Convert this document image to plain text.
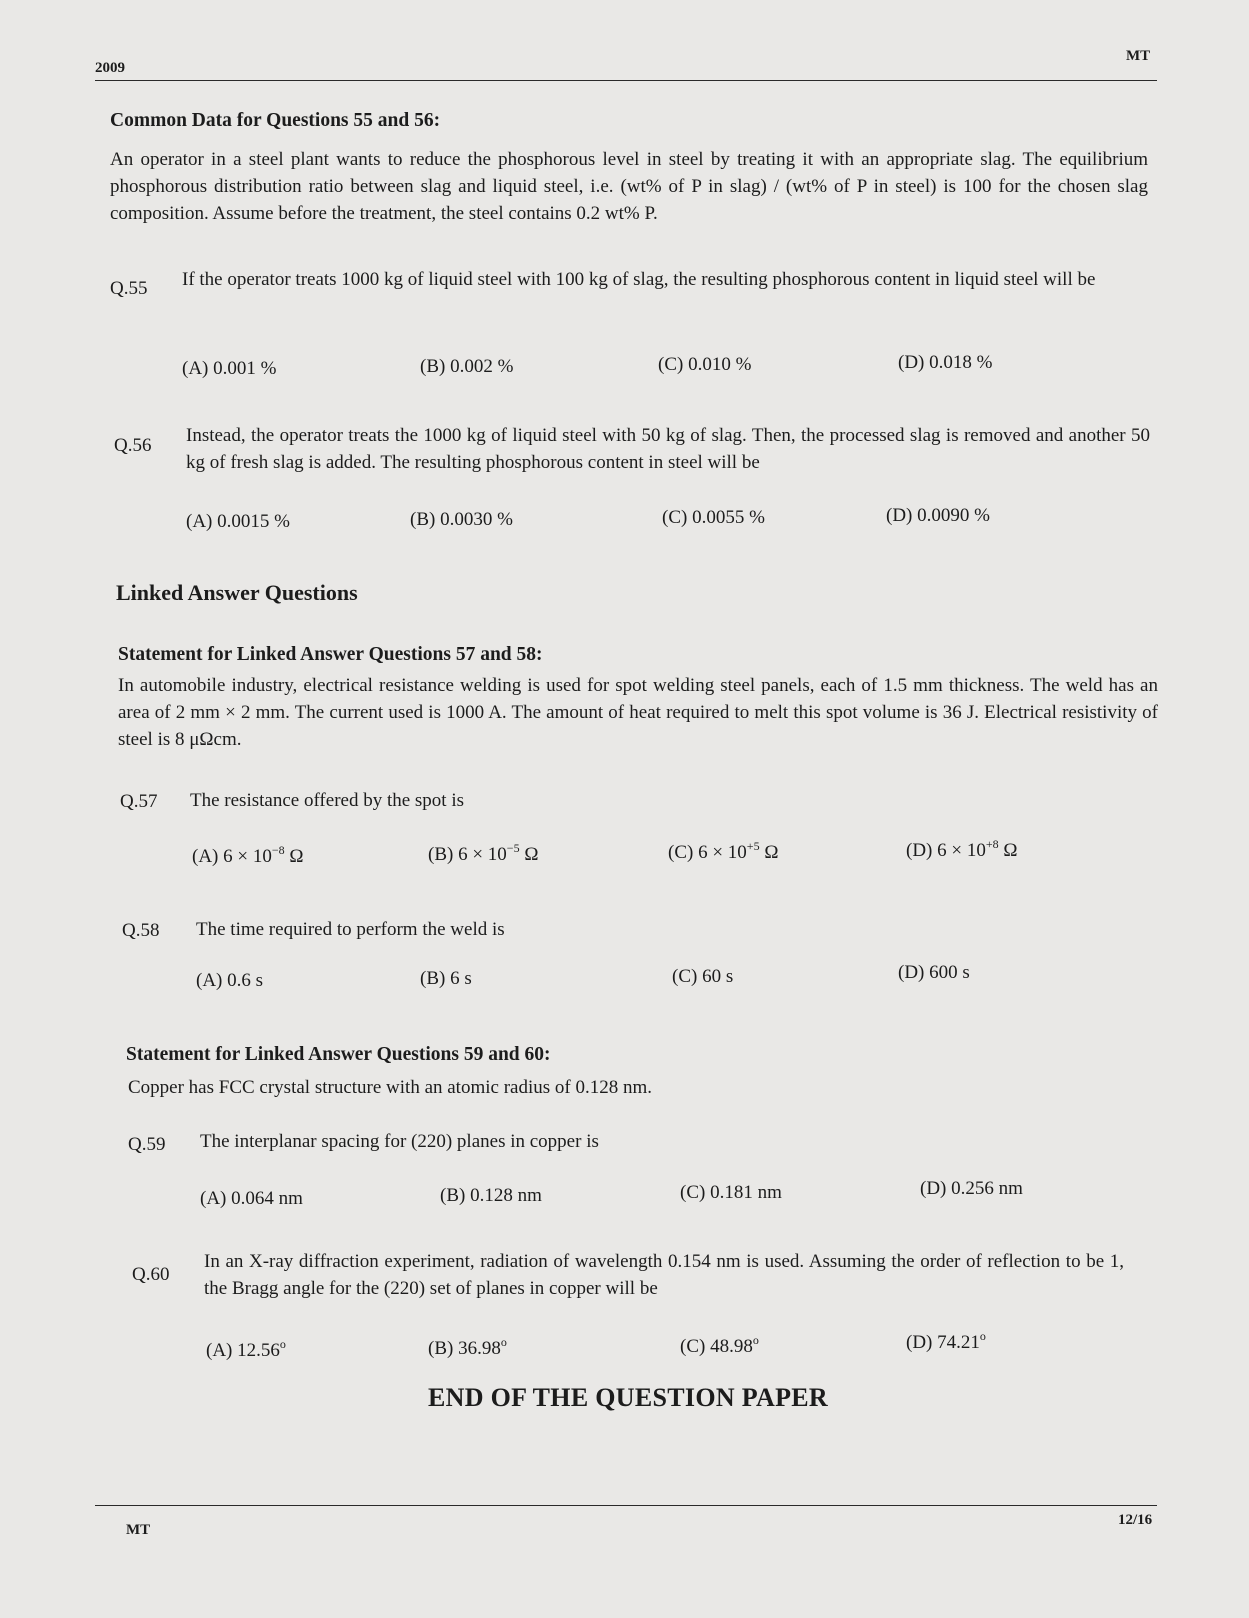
2009
MT
Common Data for Questions 55 and 56:
An operator in a steel plant wants to reduce the phosphorous level in steel by treating it with an appropriate slag. The equilibrium phosphorous distribution ratio between slag and liquid steel, i.e. (wt% of P in slag) / (wt% of P in steel) is 100 for the chosen slag composition. Assume before the treatment, the steel contains 0.2 wt% P.
Q.55 If the operator treats 1000 kg of liquid steel with 100 kg of slag, the resulting phosphorous content in liquid steel will be
(A) 0.001 %	(B) 0.002 %	(C) 0.010 %	(D) 0.018 %
Q.56 Instead, the operator treats the 1000 kg of liquid steel with 50 kg of slag. Then, the processed slag is removed and another 50 kg of fresh slag is added. The resulting phosphorous content in steel will be
(A) 0.0015 %	(B) 0.0030 %	(C) 0.0055 %	(D) 0.0090 %
Linked Answer Questions
Statement for Linked Answer Questions 57 and 58:
In automobile industry, electrical resistance welding is used for spot welding steel panels, each of 1.5 mm thickness. The weld has an area of 2 mm × 2 mm. The current used is 1000 A. The amount of heat required to melt this spot volume is 36 J. Electrical resistivity of steel is 8 μΩcm.
Q.57 The resistance offered by the spot is
(A) $6 \times 10^{-8}$ Ω	(B) $6 \times 10^{-5}$ Ω	(C) $6 \times 10^{+5}$ Ω	(D) $6 \times 10^{+8}$ Ω
Q.58 The time required to perform the weld is
(A) 0.6 s	(B) 6 s	(C) 60 s	(D) 600 s
Statement for Linked Answer Questions 59 and 60:
Copper has FCC crystal structure with an atomic radius of 0.128 nm.
Q.59 The interplanar spacing for (220) planes in copper is
(A) 0.064 nm	(B) 0.128 nm	(C) 0.181 nm	(D) 0.256 nm
Q.60
In an X-ray diffraction experiment, radiation of wavelength 0.154 nm is used. Assuming the order of reflection to be 1, the Bragg angle for the (220) set of planes in copper will be
(A) 12.56$^o$	(B) 36.98$^o$	(C) 48.98$^o$	(D) 74.21$^o$
END OF THE QUESTION PAPER
MT
12/16
